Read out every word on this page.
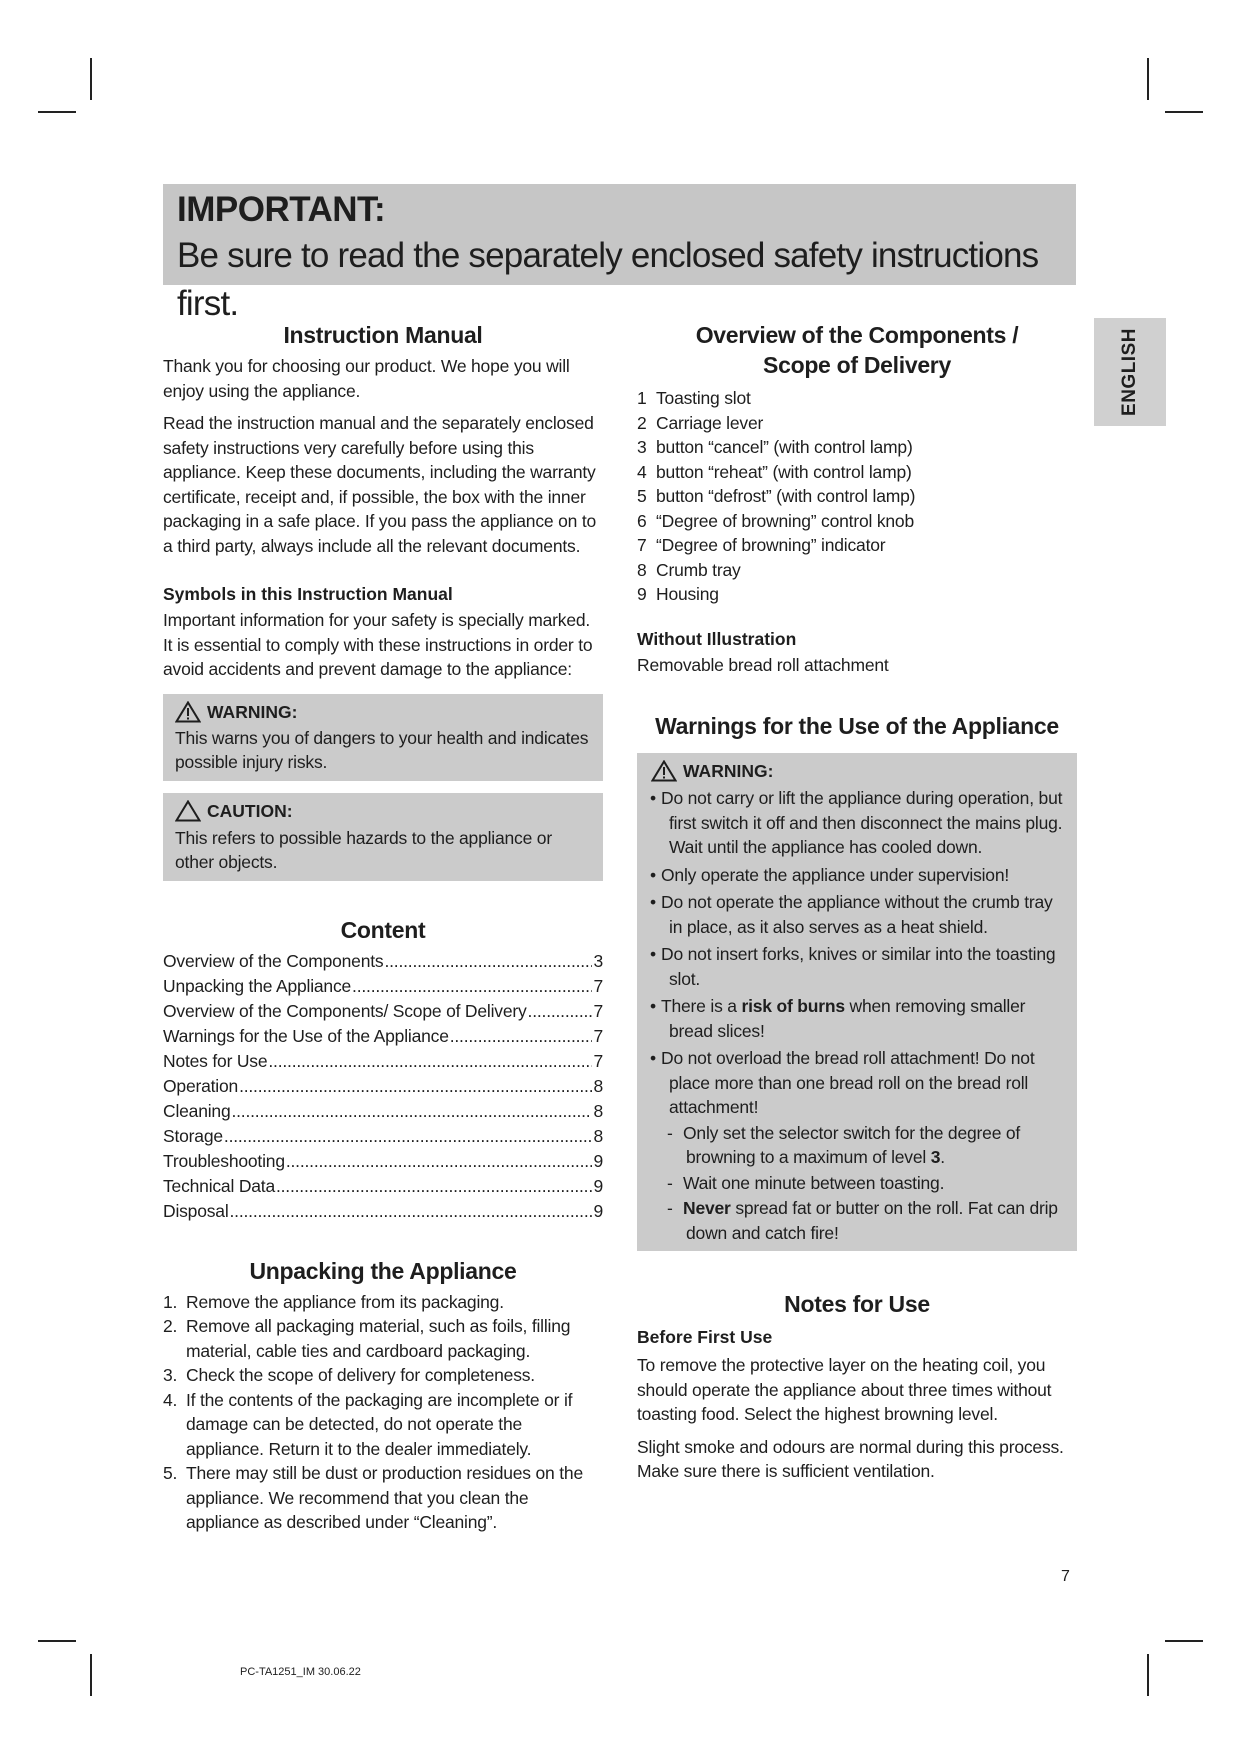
IMPORTANT:
Be sure to read the separately enclosed safety instructions first.
ENGLISH
Instruction Manual

Thank you for choosing our product. We hope you will enjoy using the appliance.

Read the instruction manual and the separately enclosed safety instructions very carefully before using this appliance. Keep these documents, including the warranty certificate, receipt and, if possible, the box with the inner packaging in a safe place. If you pass the appliance on to a third party, always include all the relevant documents.

Symbols in this Instruction Manual

Important information for your safety is specially marked. It is essential to comply with these instructions in order to avoid accidents and prevent damage to the appliance:

WARNING:

This warns you of dangers to your health and indicates possible injury risks.

CAUTION:

This refers to possible hazards to the appliance or other objects.

Content
Overview of the Components .....	3
Unpacking the Appliance .....	7
Overview of the Components/ Scope of Delivery .....	7
Warnings for the Use of the Appliance .....	7
Notes for Use .....	7
Operation .....	8
Cleaning .....	8
Storage .....	8
Troubleshooting .....	9
Technical Data .....	9
Disposal .....	9
Unpacking the Appliance
1. Remove the appliance from its packaging.
2. Remove all packaging material, such as foils, filling material, cable ties and cardboard packaging.
3. Check the scope of delivery for completeness.
4. If the contents of the packaging are incomplete or if damage can be detected, do not operate the appliance. Return it to the dealer immediately.
5. There may still be dust or production residues on the appliance. We recommend that you clean the appliance as described under “Cleaning”.
Overview of the Components /
Scope of Delivery
1 Toasting slot
2 Carriage lever
3 button “cancel” (with control lamp)
4 button “reheat” (with control lamp)
5 button “defrost” (with control lamp)
6 “Degree of browning” control knob
7 “Degree of browning” indicator
8 Crumb tray
9 Housing
Without Illustration

Removable bread roll attachment

Warnings for the Use of the Appliance
WARNING:
• Do not carry or lift the appliance during operation, but first switch it off and then disconnect the mains plug. Wait until the appliance has cooled down.
• Only operate the appliance under supervision!
• Do not operate the appliance without the crumb tray in place, as it also serves as a heat shield.
• Do not insert forks, knives or similar into the toasting slot.
• There is a risk of burns when removing smaller bread slices!
• Do not overload the bread roll attachment! Do not place more than one bread roll on the bread roll attachment!
- Only set the selector switch for the degree of browning to a maximum of level 3.
- Wait one minute between toasting.
- Never spread fat or butter on the roll. Fat can drip down and catch fire!
Notes for Use
Before First Use

To remove the protective layer on the heating coil, you should operate the appliance about three times without toasting food. Select the highest browning level.

Slight smoke and odours are normal during this process. Make sure there is sufficient ventilation.

7
PC-TA1251_IM 30.06.22
